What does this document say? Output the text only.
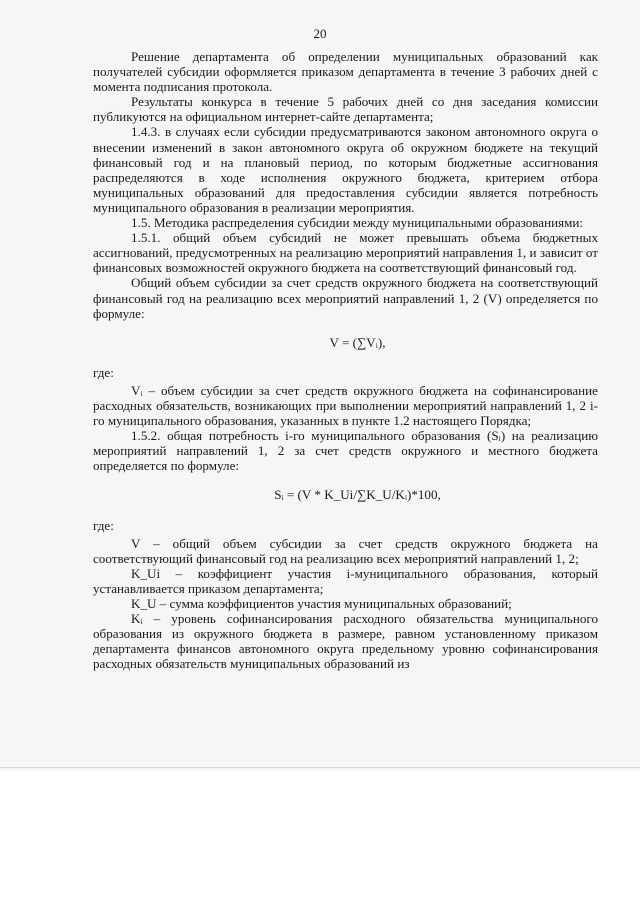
20

Решение департамента об определении муниципальных образований как получателей субсидии оформляется приказом департамента в течение 3 рабочих дней с момента подписания протокола.

Результаты конкурса в течение 5 рабочих дней со дня заседания комиссии публикуются на официальном интернет-сайте департамента;

1.4.3. в случаях если субсидии предусматриваются законом автономного округа о внесении изменений в закон автономного округа об окружном бюджете на текущий финансовый год и на плановый период, по которым бюджетные ассигнования распределяются в ходе исполнения окружного бюджета, критерием отбора муниципальных образований для предоставления субсидии является потребность муниципального образования в реализации мероприятия.

1.5. Методика распределения субсидии между муниципальными образованиями:

1.5.1. общий объем субсидий не может превышать объема бюджетных ассигнований, предусмотренных на реализацию мероприятий направления 1, и зависит от финансовых возможностей окружного бюджета на соответствующий финансовый год.

Общий объем субсидии за счет средств окружного бюджета на соответствующий финансовый год на реализацию всех мероприятий направлений 1, 2 (V) определяется по формуле:

V = (∑Vᵢ),

где:

Vᵢ – объем субсидии за счет средств окружного бюджета на софинансирование расходных обязательств, возникающих при выполнении мероприятий направлений 1, 2 i-го муниципального образования, указанных в пункте 1.2 настоящего Порядка;

1.5.2. общая потребность i-го муниципального образования (Sᵢ) на реализацию мероприятий направлений 1, 2 за счет средств окружного и местного бюджета определяется по формуле:

Sᵢ = (V * K_Ui/∑K_U/Kᵢ)*100,

где:

V – общий объем субсидии за счет средств окружного бюджета на соответствующий финансовый год на реализацию всех мероприятий направлений 1, 2;

K_Ui – коэффициент участия i-муниципального образования, который устанавливается приказом департамента;

K_U – сумма коэффициентов участия муниципальных образований;

Kᵢ – уровень софинансирования расходного обязательства муниципального образования из окружного бюджета в размере, равном установленному приказом департамента финансов автономного округа предельному уровню софинансирования расходных обязательств муниципальных образований из
